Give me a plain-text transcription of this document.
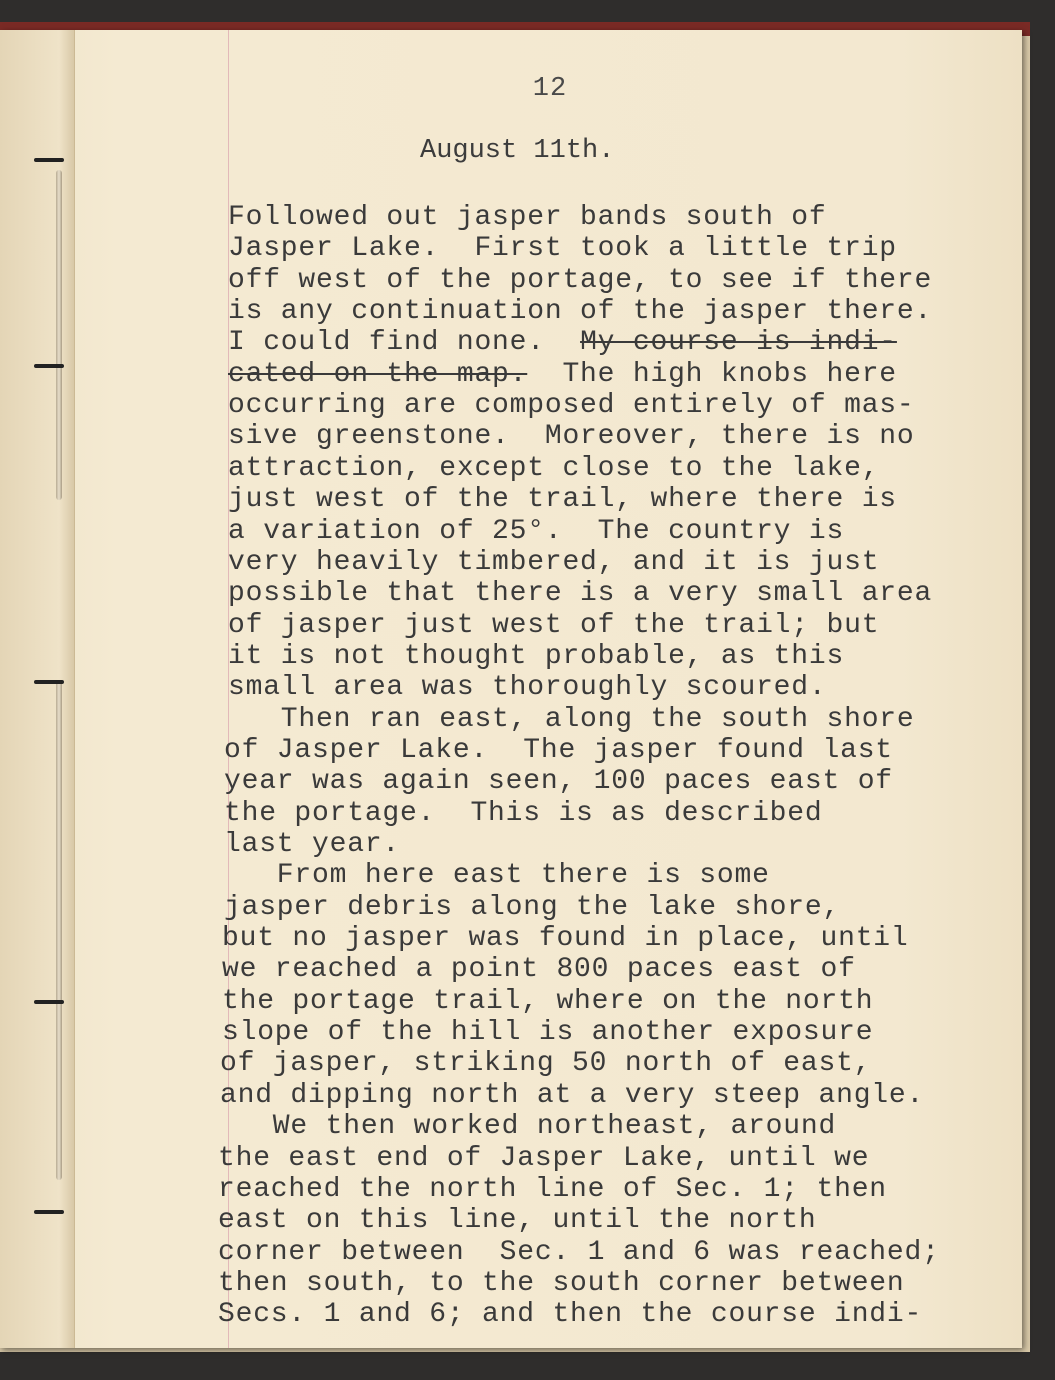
12
August 11th.
Followed out jasper bands south of
Jasper Lake.  First took a little trip
off west of the portage, to see if there
is any continuation of the jasper there.
I could find none.  My course is indi-
cated on the map.  The high knobs here
occurring are composed entirely of mas-
sive greenstone.  Moreover, there is no
attraction, except close to the lake,
just west of the trail, where there is
a variation of 25°.  The country is
very heavily timbered, and it is just
possible that there is a very small area
of jasper just west of the trail; but
it is not thought probable, as this
small area was thoroughly scoured.
Then ran east, along the south shore
of Jasper Lake.  The jasper found last
year was again seen, 100 paces east of
the portage.  This is as described
last year.
From here east there is some
jasper debris along the lake shore,
but no jasper was found in place, until
we reached a point 800 paces east of
the portage trail, where on the north
slope of the hill is another exposure
of jasper, striking 50 north of east,
and dipping north at a very steep angle.
We then worked northeast, around
the east end of Jasper Lake, until we
reached the north line of Sec. 1; then
east on this line, until the north
corner between  Sec. 1 and 6 was reached;
then south, to the south corner between
Secs. 1 and 6; and then the course indi-
